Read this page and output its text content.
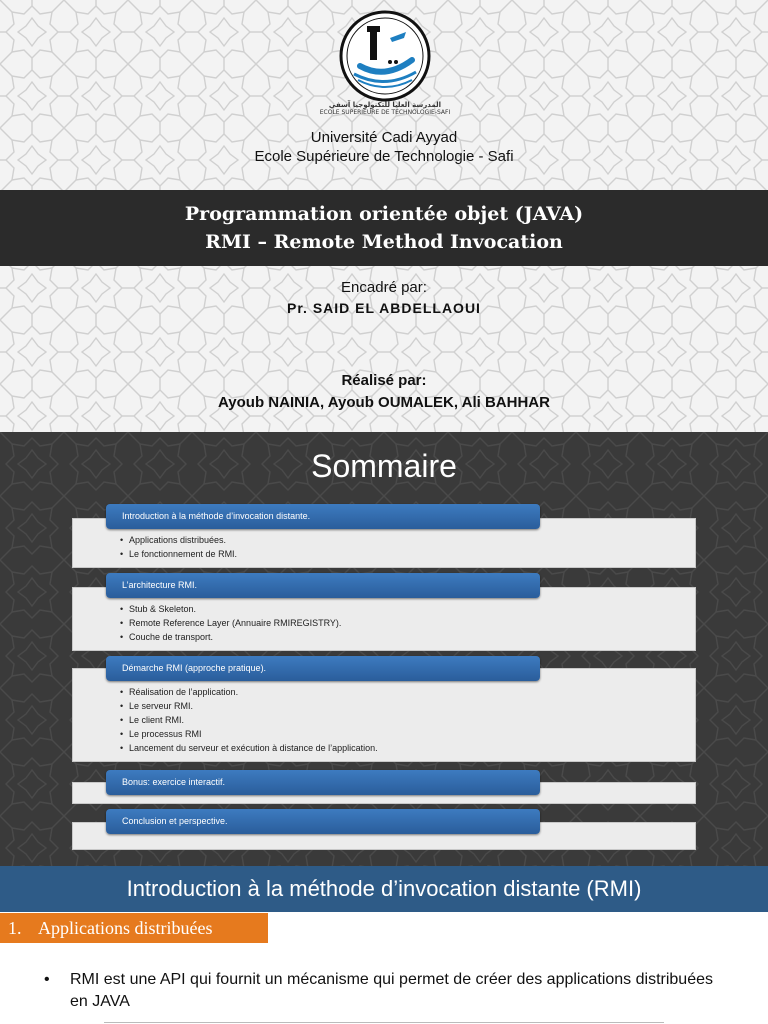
المدرسة العليا للتكنولوجيا آسفي
ECOLE SUPERIEURE DE TECHNOLOGIE-SAFI
Université Cadi Ayyad
Ecole Supérieure de Technologie - Safi
Programmation orientée objet (JAVA)
RMI – Remote Method Invocation
Encadré par:
Pr. SAID EL ABDELLAOUI
Réalisé par:
Ayoub NAINIA, Ayoub OUMALEK, Ali BAHHAR
Sommaire
• Applications distribuées.
• Le fonctionnement de RMI.
Introduction à la méthode d’invocation distante.
• Stub & Skeleton.
• Remote Reference Layer (Annuaire RMIREGISTRY).
• Couche de transport.
L’architecture RMI.
• Réalisation de l’application.
• Le serveur RMI.
• Le client RMI.
• Le processus RMI
• Lancement du serveur et exécution à distance de l’application.
Démarche RMI (approche pratique).
Bonus: exercice interactif.
Conclusion et perspective.
Introduction à la méthode d’invocation distante (RMI)
1. Applications distribuées
•	RMI est une API qui fournit un mécanisme qui permet de créer des applications distribuées en JAVA
